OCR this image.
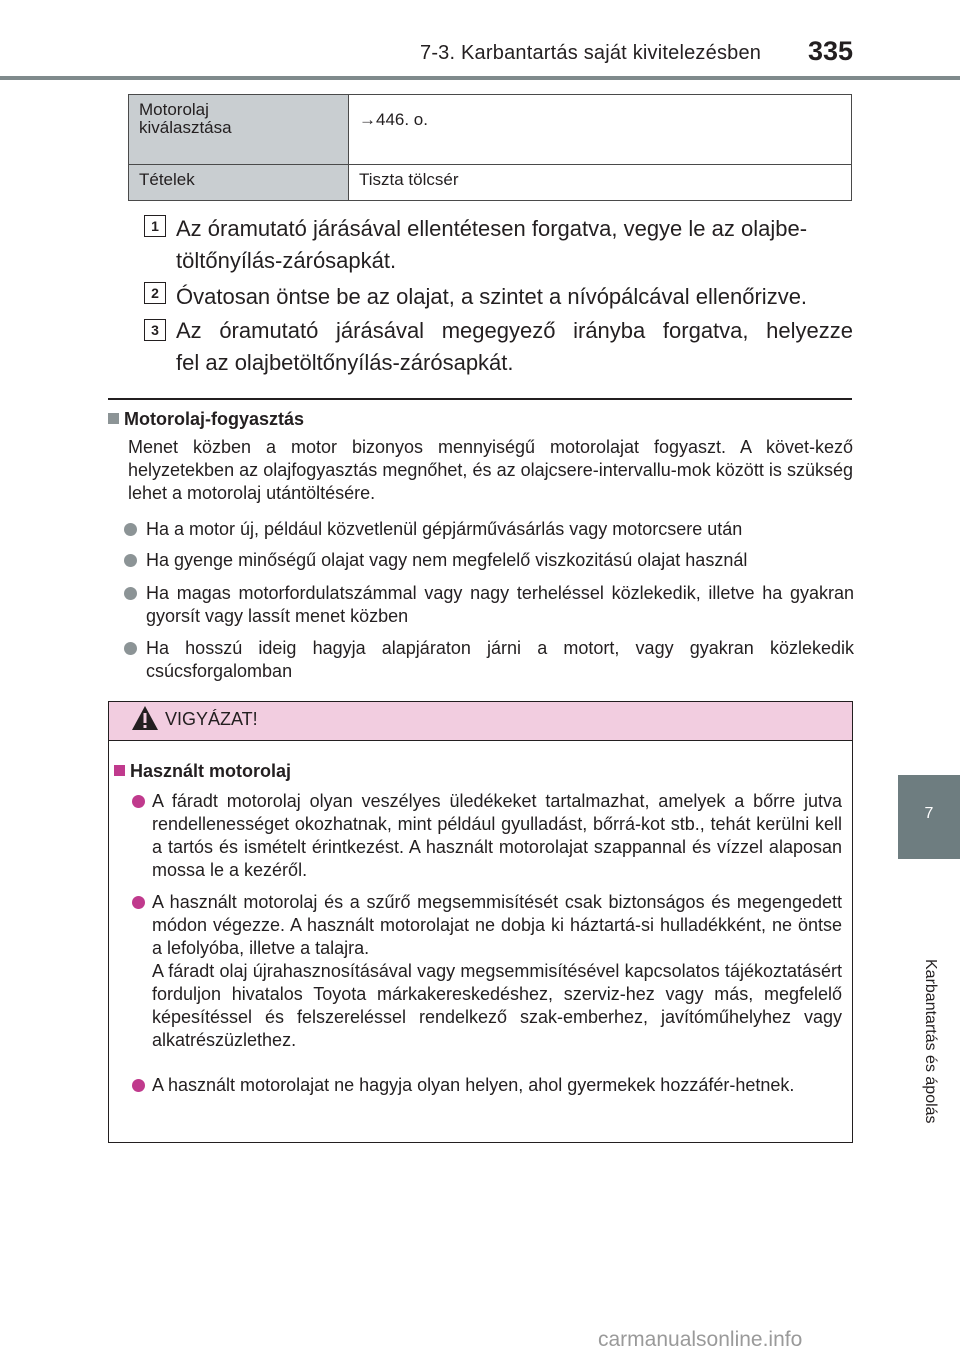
7-3. Karbantartás saját kivitelezésben 335
7
Karbantartás és ápolás
Motorolaj
kiválasztása	→446. o.
Tételek	Tiszta tölcsér
1 Az óramutató járásával ellentétesen forgatva, vegye le az olajbe-
töltőnyílás-zárósapkát.
2 Óvatosan öntse be az olajat, a szintet a nívópálcával ellenőrizve.
3 Az óramutató járásával megegyező irányba forgatva, helyezze
fel az olajbetöltőnyílás-zárósapkát.
Motorolaj-fogyasztás
Menet közben a motor bizonyos mennyiségű motorolajat fogyaszt. A követ-kező helyzetekben az olajfogyasztás megnőhet, és az olajcsere-intervallu-mok között is szükség lehet a motorolaj utántöltésére.
Ha a motor új, például közvetlenül gépjárművásárlás vagy motorcsere után
Ha gyenge minőségű olajat vagy nem megfelelő viszkozitású olajat használ
Ha magas motorfordulatszámmal vagy nagy terheléssel közlekedik, illetve ha gyakran gyorsít vagy lassít menet közben
Ha hosszú ideig hagyja alapjáraton járni a motort, vagy gyakran közlekedik csúcsforgalomban
VIGYÁZAT!
Használt motorolaj
A fáradt motorolaj olyan veszélyes üledékeket tartalmazhat, amelyek a bőrre jutva rendellenességet okozhatnak, mint például gyulladást, bőrrá-kot stb., tehát kerülni kell a tartós és ismételt érintkezést. A használt motorolajat szappannal és vízzel alaposan mossa le a kezéről.
A használt motorolaj és a szűrő megsemmisítését csak biztonságos és megengedett módon végezze. A használt motorolajat ne dobja ki háztartá-si hulladékként, ne öntse a lefolyóba, illetve a talajra.
A fáradt olaj újrahasznosításával vagy megsemmisítésével kapcsolatos tájékoztatásért forduljon hivatalos Toyota márkakereskedéshez, szerviz-hez vagy más, megfelelő képesítéssel és felszereléssel rendelkező szak-emberhez, javítóműhelyhez vagy alkatrészüzlethez.
A használt motorolajat ne hagyja olyan helyen, ahol gyermekek hozzáfér-hetnek.
carmanualsonline.info
